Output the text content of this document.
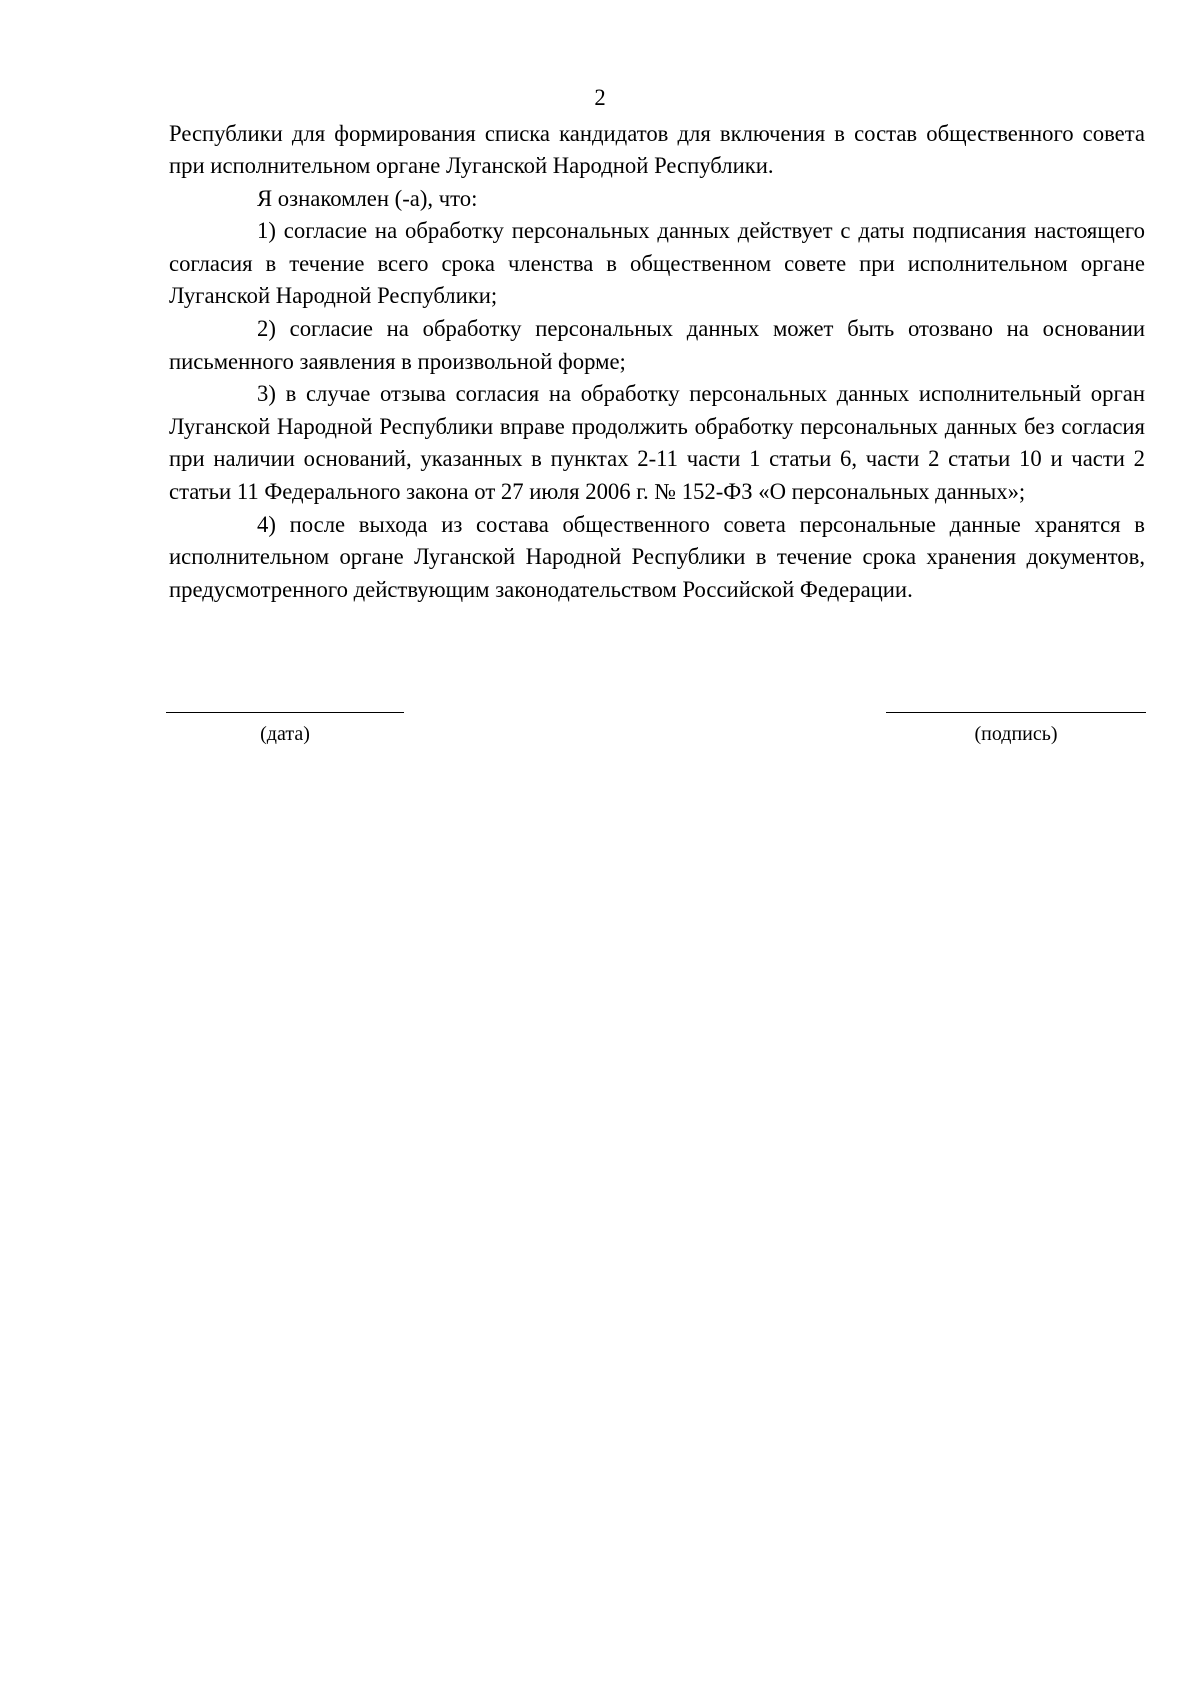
2

Республики для формирования списка кандидатов для включения в состав общественного совета при исполнительном органе Луганской Народной Республики.

Я ознакомлен (-а), что:

1) согласие на обработку персональных данных действует с даты подписания настоящего согласия в течение всего срока членства в общественном совете при исполнительном органе Луганской Народной Республики;

2) согласие на обработку персональных данных может быть отозвано на основании письменного заявления в произвольной форме;

3) в случае отзыва согласия на обработку персональных данных исполнительный орган Луганской Народной Республики вправе продолжить обработку персональных данных без согласия при наличии оснований, указанных в пунктах 2-11 части 1 статьи 6, части 2 статьи 10 и части 2 статьи 11 Федерального закона от 27 июля 2006 г. № 152-ФЗ «О персональных данных»;

4) после выхода из состава общественного совета персональные данные хранятся в исполнительном органе Луганской Народной Республики в течение срока хранения документов, предусмотренного действующим законодательством Российской Федерации.

(дата)	(подпись)
